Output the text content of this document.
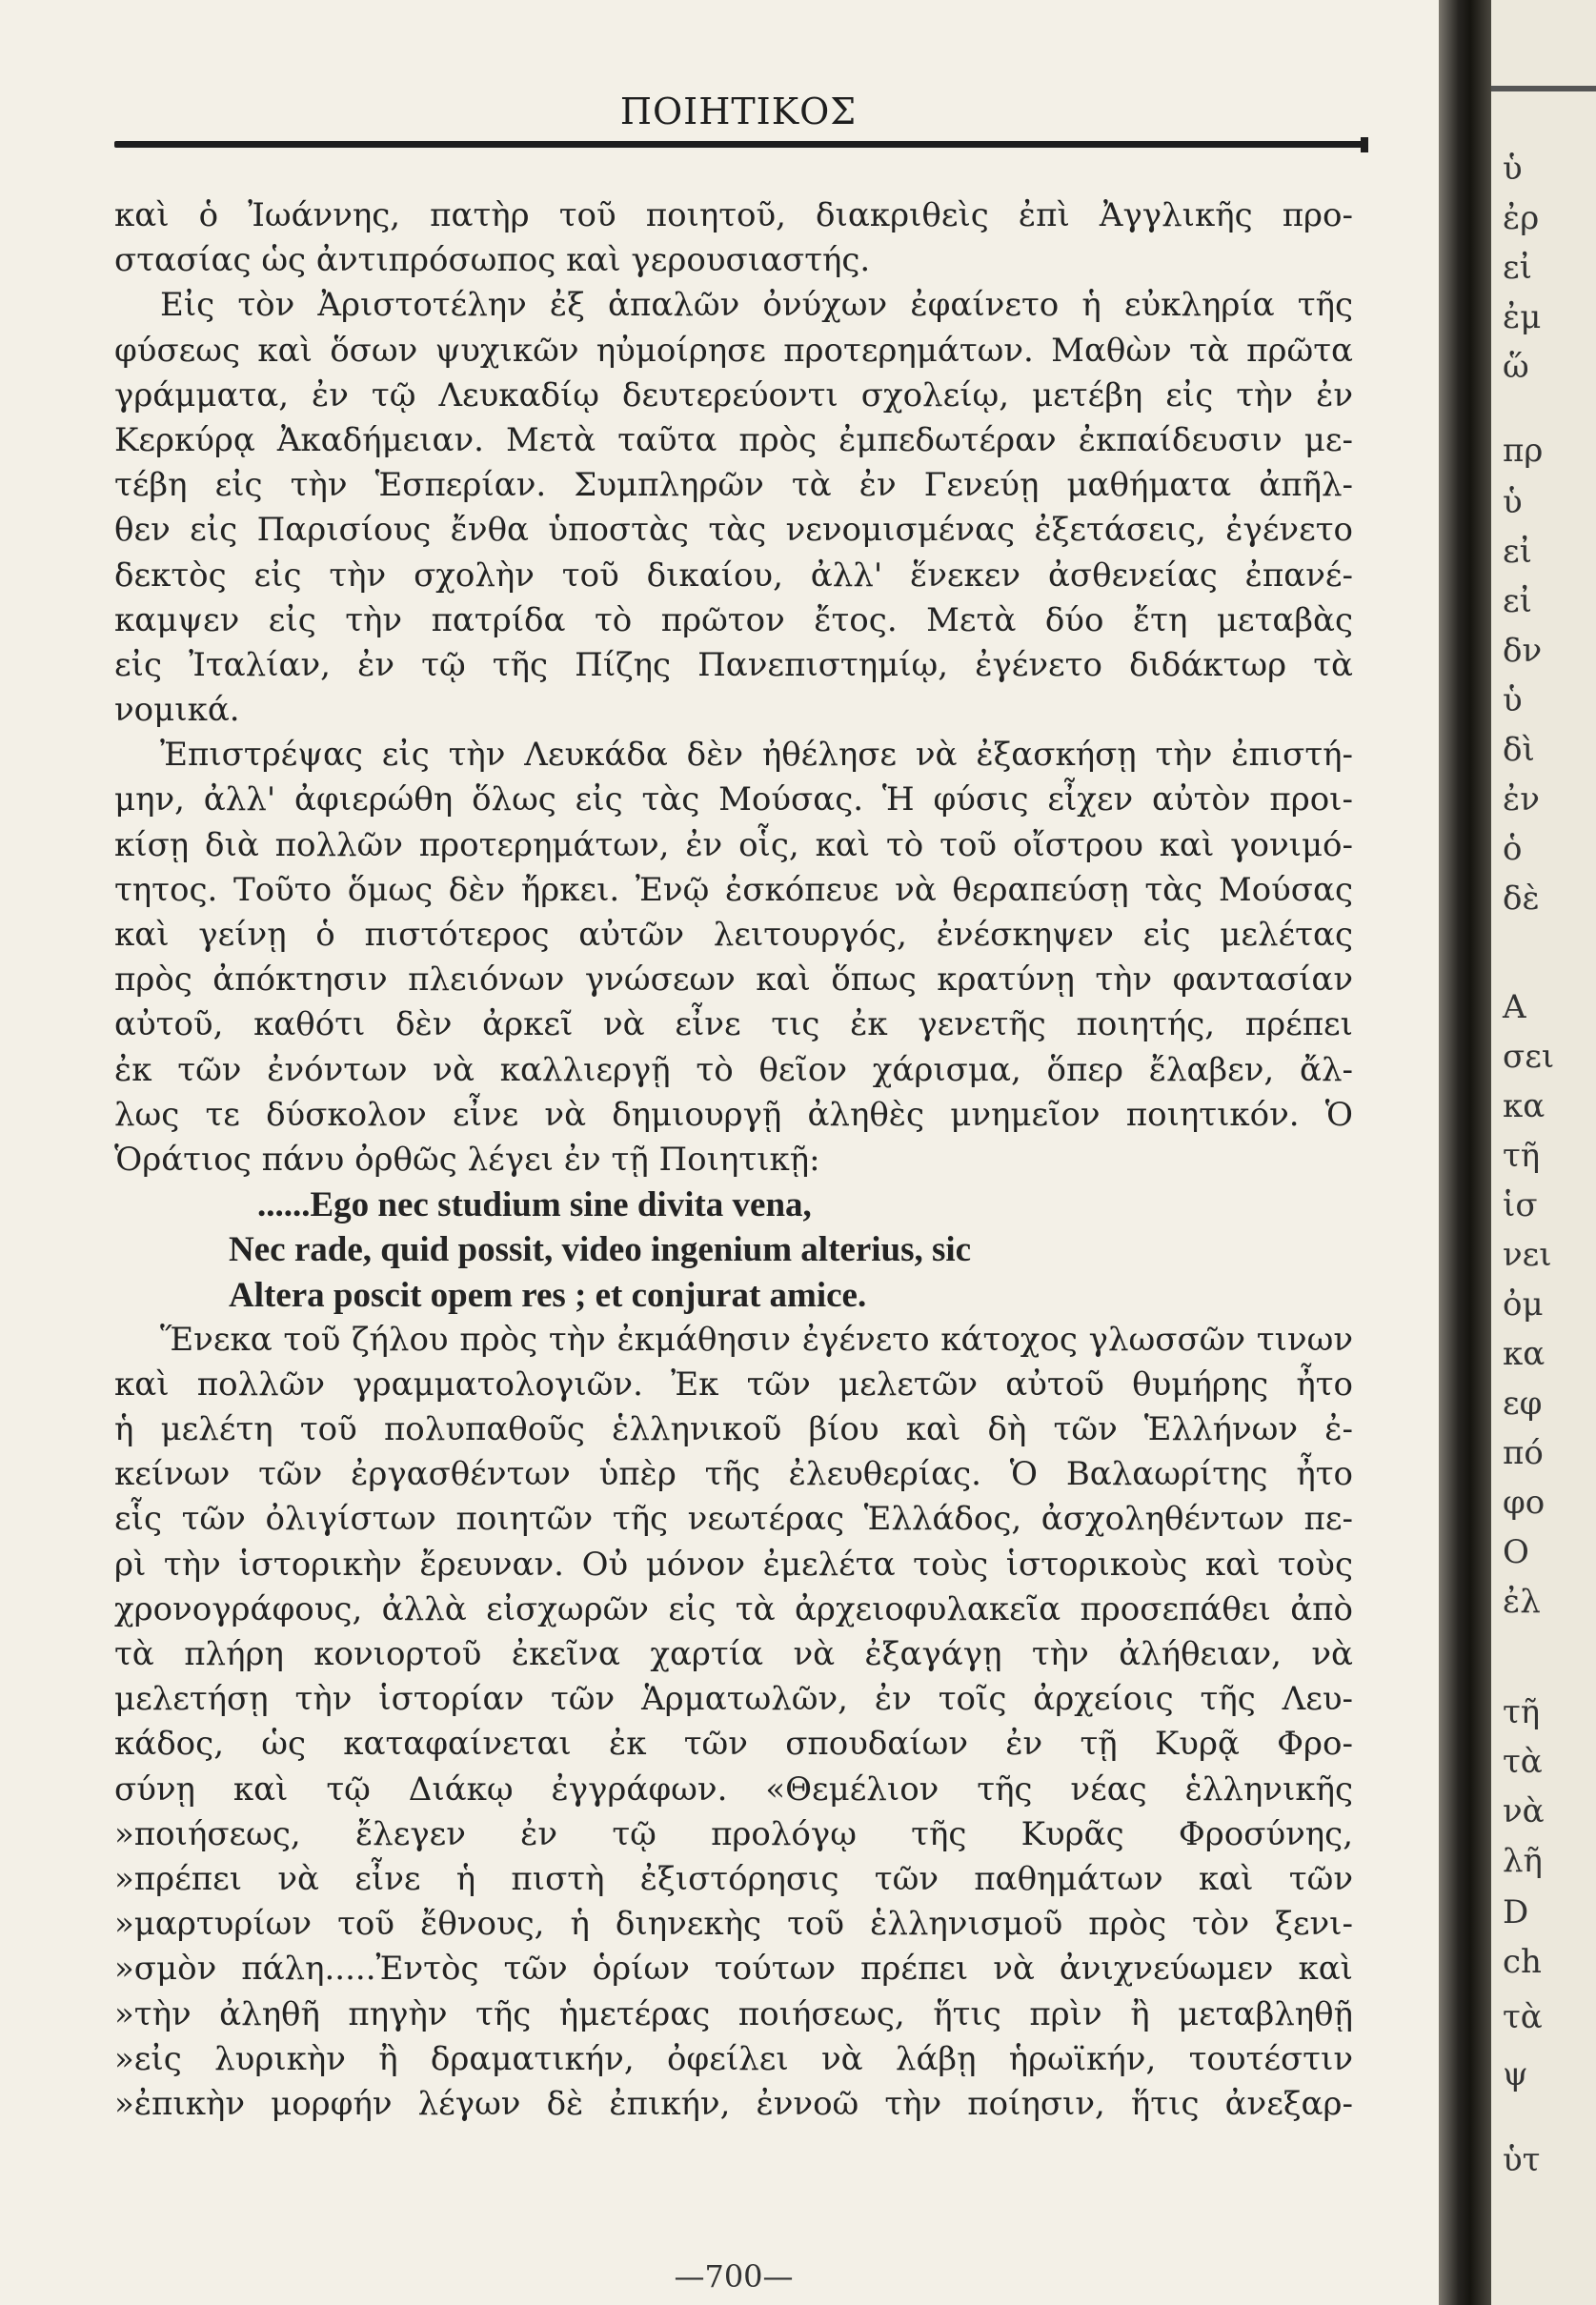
ΠΟΙΗΤΙΚΟΣ
καὶ ὁ Ἰωάννης, πατὴρ τοῦ ποιητοῦ, διακριθεὶς ἐπὶ Ἀγγλικῆς προ-
στασίας ὡς ἀντιπρόσωπος καὶ γερουσιαστής.
Εἰς τὸν Ἀριστοτέλην ἐξ ἁπαλῶν ὀνύχων ἐφαίνετο ἡ εὐκληρία τῆς
φύσεως καὶ ὅσων ψυχικῶν ηὐμοίρησε προτερημάτων. Μαθὼν τὰ πρῶτα
γράμματα, ἐν τῷ Λευκαδίῳ δευτερεύοντι σχολείῳ, μετέβη εἰς τὴν ἐν
Κερκύρᾳ Ἀκαδήμειαν. Μετὰ ταῦτα πρὸς ἐμπεδωτέραν ἐκπαίδευσιν με-
τέβη εἰς τὴν Ἑσπερίαν. Συμπληρῶν τὰ ἐν Γενεύῃ μαθήματα ἀπῆλ-
θεν εἰς Παρισίους ἔνθα ὑποστὰς τὰς νενομισμένας ἐξετάσεις, ἐγένετο
δεκτὸς εἰς τὴν σχολὴν τοῦ δικαίου, ἀλλ' ἕνεκεν ἀσθενείας ἐπανέ-
καμψεν εἰς τὴν πατρίδα τὸ πρῶτον ἔτος. Μετὰ δύο ἔτη μεταβὰς
εἰς Ἰταλίαν, ἐν τῷ τῆς Πίζης Πανεπιστημίῳ, ἐγένετο διδάκτωρ τὰ
νομικά.
Ἐπιστρέψας εἰς τὴν Λευκάδα δὲν ἠθέλησε νὰ ἐξασκήσῃ τὴν ἐπιστή-
μην, ἀλλ' ἀφιερώθη ὅλως εἰς τὰς Μούσας. Ἡ φύσις εἶχεν αὐτὸν προι-
κίσῃ διὰ πολλῶν προτερημάτων, ἐν οἷς, καὶ τὸ τοῦ οἴστρου καὶ γονιμό-
τητος. Τοῦτο ὅμως δὲν ἤρκει. Ἐνῷ ἐσκόπευε νὰ θεραπεύσῃ τὰς Μούσας
καὶ γείνῃ ὁ πιστότερος αὐτῶν λειτουργός, ἐνέσκηψεν εἰς μελέτας
πρὸς ἀπόκτησιν πλειόνων γνώσεων καὶ ὅπως κρατύνῃ τὴν φαντασίαν
αὐτοῦ, καθότι δὲν ἀρκεῖ νὰ εἶνε τις ἐκ γενετῆς ποιητής, πρέπει
ἐκ τῶν ἐνόντων νὰ καλλιεργῇ τὸ θεῖον χάρισμα, ὅπερ ἔλαβεν, ἄλ-
λως τε δύσκολον εἶνε νὰ δημιουργῇ ἀληθὲς μνημεῖον ποιητικόν. Ὁ
Ὁράτιος πάνυ ὀρθῶς λέγει ἐν τῇ Ποιητικῇ:
......Ego nec studium sine divita vena,
Nec rade, quid possit, video ingenium alterius, sic
Altera poscit opem res ; et conjurat amice.
Ἕνεκα τοῦ ζήλου πρὸς τὴν ἐκμάθησιν ἐγένετο κάτοχος γλωσσῶν τινων
καὶ πολλῶν γραμματολογιῶν. Ἐκ τῶν μελετῶν αὐτοῦ θυμήρης ἦτο
ἡ μελέτη τοῦ πολυπαθοῦς ἑλληνικοῦ βίου καὶ δὴ τῶν Ἑλλήνων ἐ-
κείνων τῶν ἐργασθέντων ὑπὲρ τῆς ἐλευθερίας. Ὁ Βαλαωρίτης ἦτο
εἷς τῶν ὀλιγίστων ποιητῶν τῆς νεωτέρας Ἑλλάδος, ἀσχοληθέντων πε-
ρὶ τὴν ἱστορικὴν ἔρευναν. Οὐ μόνον ἐμελέτα τοὺς ἱστορικοὺς καὶ τοὺς
χρονογράφους, ἀλλὰ εἰσχωρῶν εἰς τὰ ἀρχειοφυλακεῖα προσεπάθει ἀπὸ
τὰ πλήρη κονιορτοῦ ἐκεῖνα χαρτία νὰ ἐξαγάγῃ τὴν ἀλήθειαν, νὰ
μελετήσῃ τὴν ἱστορίαν τῶν Ἁρματωλῶν, ἐν τοῖς ἀρχείοις τῆς Λευ-
κάδος, ὡς καταφαίνεται ἐκ τῶν σπουδαίων ἐν τῇ Κυρᾷ Φρο-
σύνῃ καὶ τῷ Διάκῳ ἐγγράφων. «Θεμέλιον τῆς νέας ἑλληνικῆς
»ποιήσεως, ἔλεγεν ἐν τῷ προλόγῳ τῆς Κυρᾶς Φροσύνης,
»πρέπει νὰ εἶνε ἡ πιστὴ ἐξιστόρησις τῶν παθημάτων καὶ τῶν
»μαρτυρίων τοῦ ἔθνους, ἡ διηνεκὴς τοῦ ἑλληνισμοῦ πρὸς τὸν ξενι-
»σμὸν πάλη.....Ἐντὸς τῶν ὁρίων τούτων πρέπει νὰ ἀνιχνεύωμεν καὶ
»τὴν ἀληθῆ πηγὴν τῆς ἡμετέρας ποιήσεως, ἥτις πρὶν ἢ μεταβληθῇ
»εἰς λυρικὴν ἢ δραματικήν, ὀφείλει νὰ λάβῃ ἡρωϊκήν, τουτέστιν
»ἐπικὴν μορφήν λέγων δὲ ἐπικήν, ἐννοῶ τὴν ποίησιν, ἥτις ἀνεξαρ-
—700—
ὑ
ἐρ
εἰ
ἐμ
ὥ
πρ
ὑ
εἰ
εἰ
δν
ὑ
δὶ
ἐν
ὁ
δὲ
Α
σει
κα
τῆ
ἱσ
νει
ὀμ
κα
εφ
πό
φο
Ο
ἐλ
τῆ
τὰ
νὰ
λῆ
D
ch
τὰ
ψ
ὑτ
